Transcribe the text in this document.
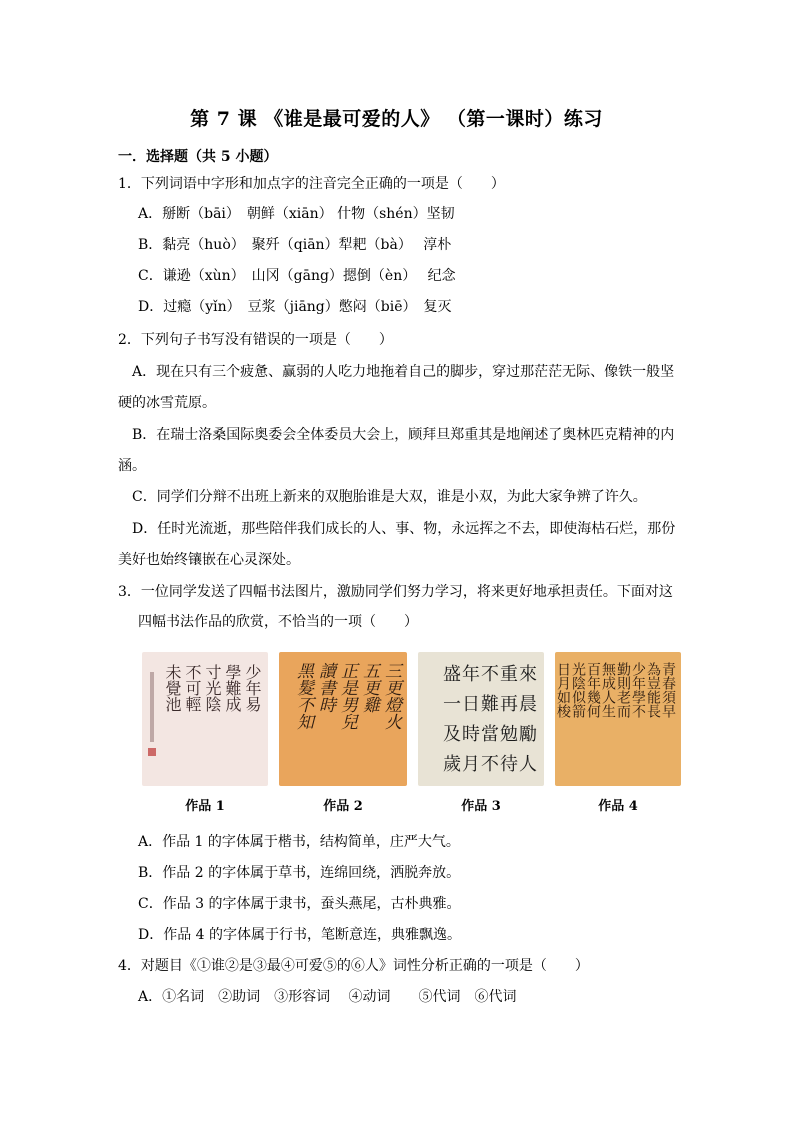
第 7 课 《谁是最可爱的人》 （第一课时）练习
一．选择题（共 5 小题）
1．下列词语中字形和加点字的注音完全正确的一项是（　　）
A．掰断（bāi）　朝鲜（xiān） 什物（shén）坚韧
B．黏亮（huò）　聚歼（qiān）犁耙（bà）　 淳朴
C．谦逊（xùn）　山冈（gāng）摁倒（èn）　 纪念
D．过瘾（yǐn）　豆浆（jiāng）憋闷（biē）　复灭
2．下列句子书写没有错误的一项是（　　）
　A．现在只有三个疲惫、赢弱的人吃力地拖着自己的脚步，穿过那茫茫无际、像铁一般坚
硬的冰雪荒原。
　B．在瑞士洛桑国际奥委会全体委员大会上，顾拜旦郑重其是地阐述了奥林匹克精神的内
涵。
　C．同学们分辩不出班上新来的双胞胎谁是大双，谁是小双，为此大家争辨了许久。
　D．任时光流逝，那些陪伴我们成长的人、事、物，永远挥之不去，即使海枯石烂，那份
美好也始终镶嵌在心灵深处。
3．一位同学发送了四幅书法图片，激励同学们努力学习，将来更好地承担责任。下面对这
四幅书法作品的欣赏，不恰当的一项（　　）
少年易
學難成
寸光陰
不可輕
未覺池
作品 1
三更燈火
五更雞
正是男兒
讀書時
黑髮不知
作品 2
盛年不重來
一日難再晨
及時當勉勵
歲月不待人
作品 3
青春須早
為豈能長
少年學不
勤則老而
無成人生
百年幾何
光陰似箭
日月如梭
作品 4
A．作品 1 的字体属于楷书，结构简单，庄严大气。
B．作品 2 的字体属于草书，连绵回绕，洒脱奔放。
C．作品 3 的字体属于隶书，蚕头燕尾，古朴典雅。
D．作品 4 的字体属于行书，笔断意连，典雅飘逸。
4．对题目《①谁②是③最④可爱⑤的⑥人》词性分析正确的一项是（　　）
A．①名词　②助词　③形容词　 ④动词　　⑤代词　⑥代词
